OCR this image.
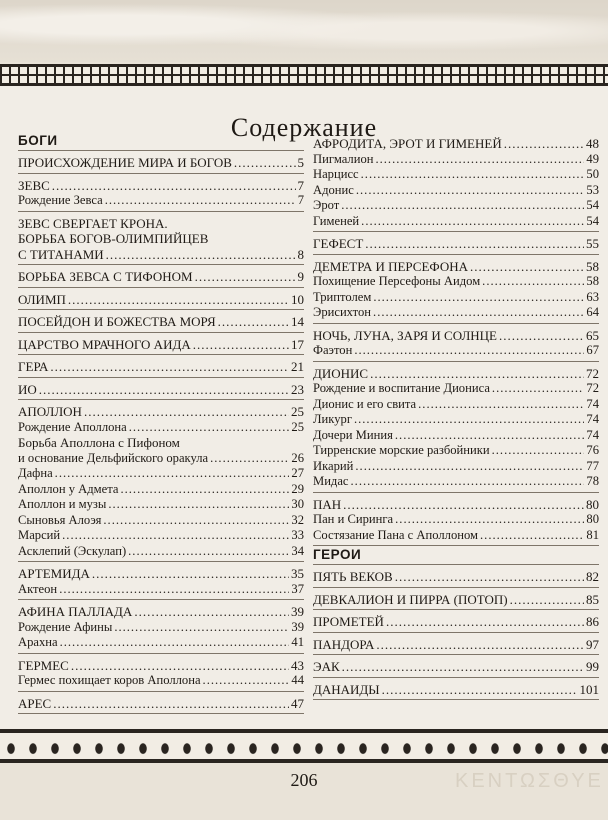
Содержание
БОГИ
ПРОИСХОЖДЕНИЕ МИРА И БОГОВ .....	5
ЗЕВС .....	7
Рождение Зевса .....	7
ЗЕВС СВЕРГАЕТ КРОНА.
БОРЬБА БОГОВ-ОЛИМПИЙЦЕВ
С ТИТАНАМИ .....	8
БОРЬБА ЗЕВСА С ТИФОНОМ .....	9
ОЛИМП .....	10
ПОСЕЙДОН И БОЖЕСТВА МОРЯ .....	14
ЦАРСТВО МРАЧНОГО АИДА .....	17
ГЕРА .....	21
ИО .....	23
АПОЛЛОН .....	25
Рождение Аполлона .....	25
Борьба Аполлона с Пифоном
и основание Дельфийского оракула .....	26
Дафна .....	27
Аполлон у Адмета .....	29
Аполлон и музы .....	30
Сыновья Алоэя .....	32
Марсий .....	33
Асклепий (Эскулап) .....	34
АРТЕМИДА .....	35
Актеон .....	37
АФИНА ПАЛЛАДА .....	39
Рождение Афины .....	39
Арахна .....	41
ГЕРМЕС .....	43
Гермес похищает коров Аполлона .....	44
АРЕС .....	47
АФРОДИТА, ЭРОТ И ГИМЕНЕЙ .....	48
Пигмалион .....	49
Нарцисс .....	50
Адонис .....	53
Эрот .....	54
Гименей .....	54
ГЕФЕСТ .....	55
ДЕМЕТРА И ПЕРСЕФОНА .....	58
Похищение Персефоны Аидом .....	58
Триптолем .....	63
Эрисихтон .....	64
НОЧЬ, ЛУНА, ЗАРЯ И СОЛНЦЕ .....	65
Фаэтон .....	67
ДИОНИС .....	72
Рождение и воспитание Диониса .....	72
Дионис и его свита .....	74
Ликург .....	74
Дочери Миния .....	74
Тирренские морские разбойники .....	76
Икарий .....	77
Мидас .....	78
ПАН .....	80
Пан и Сиринга .....	80
Состязание Пана с Аполлоном .....	81
ГЕРОИ
ПЯТЬ ВЕКОВ .....	82
ДЕВКАЛИОН И ПИРРА (ПОТОП) .....	85
ПРОМЕТЕЙ .....	86
ПАНДОРА .....	97
ЭАК .....	99
ДАНАИДЫ .....	101
206	ΚΕΝΤΩΣΘΥΕ
